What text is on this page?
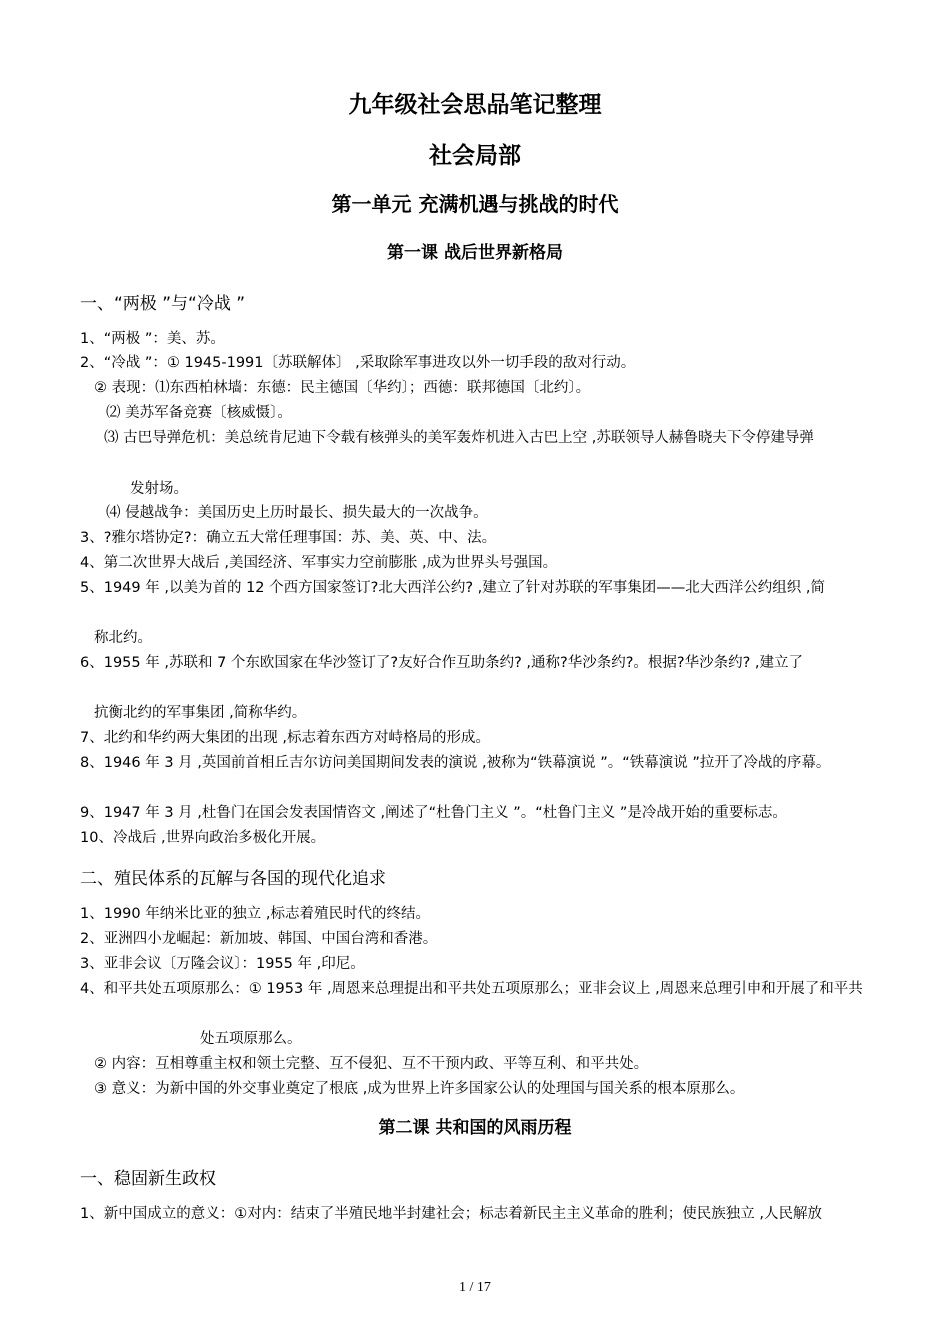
九年级社会思品笔记整理
社会局部
第一单元 充满机遇与挑战的时代
第一课 战后世界新格局
一、“两极 ”与“冷战 ”
1、“两极 ”：美、苏。
2、“冷战 ”：① 1945-1991〔苏联解体〕 ,采取除军事进攻以外一切手段的敌对行动。
② 表现：⑴东西柏林墙：东德：民主德国〔华约〕；西德：联邦德国〔北约〕。
⑵ 美苏军备竞赛〔核威慑〕。
⑶ 古巴导弹危机：美总统肯尼迪下令载有核弹头的美军轰炸机进入古巴上空 ,苏联领导人赫鲁晓夫下令停建导弹
发射场。
⑷ 侵越战争：美国历史上历时最长、损失最大的一次战争。
3、?雅尔塔协定?：确立五大常任理事国：苏、美、英、中、法。
4、第二次世界大战后 ,美国经济、军事实力空前膨胀 ,成为世界头号强国。
5、1949 年 ,以美为首的 12 个西方国家签订?北大西洋公约? ,建立了针对苏联的军事集团——北大西洋公约组织 ,简
称北约。
6、1955 年 ,苏联和 7 个东欧国家在华沙签订了?友好合作互助条约? ,通称?华沙条约?。根据?华沙条约? ,建立了
抗衡北约的军事集团 ,简称华约。
7、北约和华约两大集团的出现 ,标志着东西方对峙格局的形成。
8、1946 年 3 月 ,英国前首相丘吉尔访问美国期间发表的演说 ,被称为“铁幕演说 ”。“铁幕演说 ”拉开了冷战的序幕。
9、1947 年 3 月 ,杜鲁门在国会发表国情咨文 ,阐述了“杜鲁门主义 ”。“杜鲁门主义 ”是冷战开始的重要标志。
10、冷战后 ,世界向政治多极化开展。
二、殖民体系的瓦解与各国的现代化追求
1、1990 年纳米比亚的独立 ,标志着殖民时代的终结。
2、亚洲四小龙崛起：新加坡、韩国、中国台湾和香港。
3、亚非会议〔万隆会议〕：1955 年 ,印尼。
4、和平共处五项原那么：① 1953 年 ,周恩来总理提出和平共处五项原那么；亚非会议上 ,周恩来总理引申和开展了和平共
处五项原那么。
② 内容：互相尊重主权和领土完整、互不侵犯、互不干预内政、平等互利、和平共处。
③ 意义：为新中国的外交事业奠定了根底 ,成为世界上许多国家公认的处理国与国关系的根本原那么。
第二课 共和国的风雨历程
一、稳固新生政权
1、新中国成立的意义：①对内：结束了半殖民地半封建社会；标志着新民主主义革命的胜利；使民族独立 ,人民解放
1 / 17
